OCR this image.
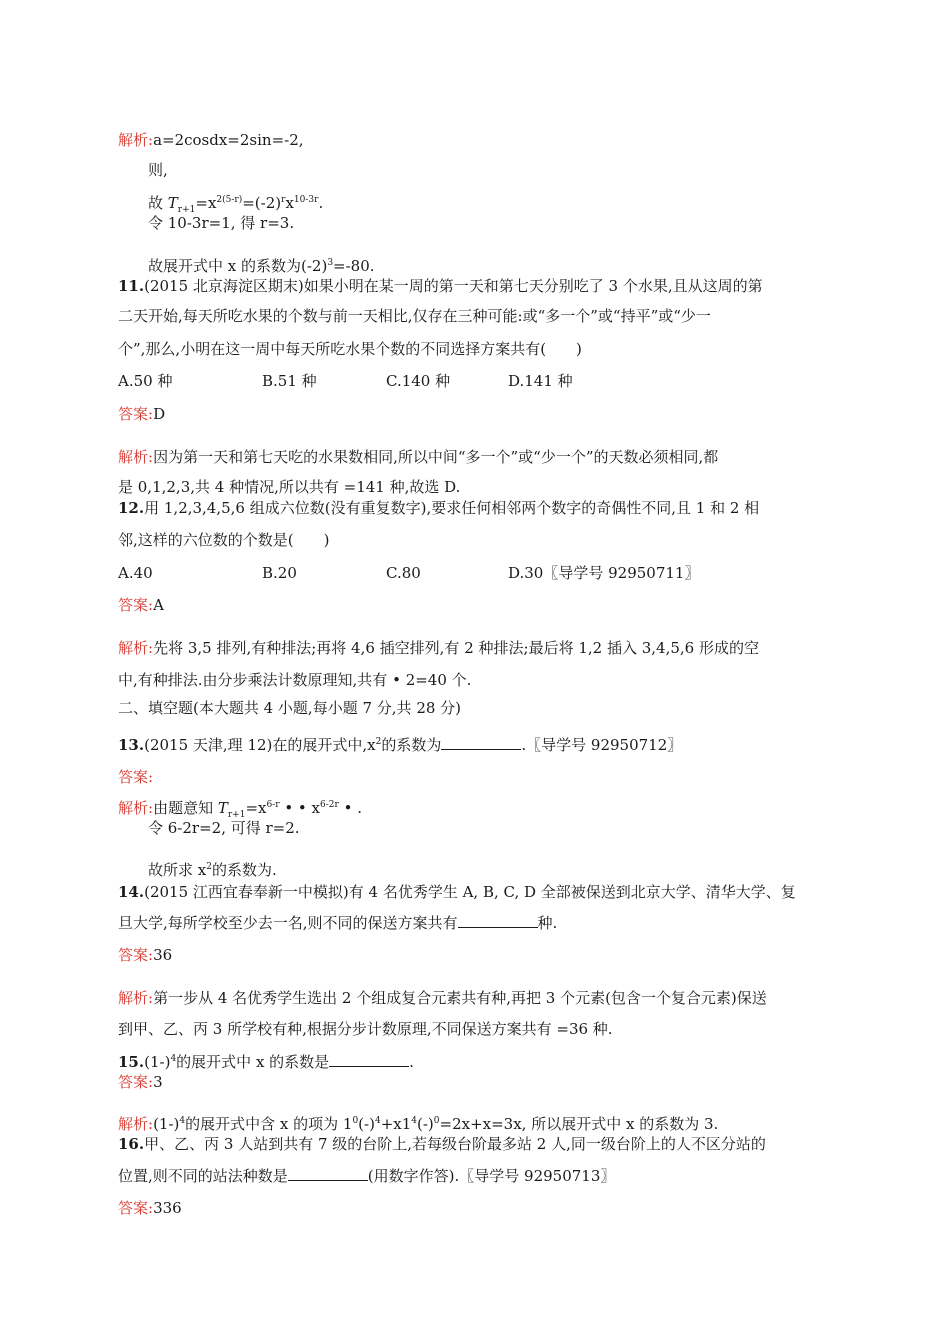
解析:a=2cosdx=2sin=-2,
则,
故 $T_{r+1}=x^{2(5-r)}=(-2)^rx^{10-3r}$.
令 10-3r=1, 得 r=3.
故展开式中 x 的系数为$(-2)^3=-80$.
11.(2015 北京海淀区期末)如果小明在某一周的第一天和第七天分别吃了 3 个水果,且从这周的第
二天开始,每天所吃水果的个数与前一天相比,仅存在三种可能:或“多一个”或“持平”或“少一
个”,那么,小明在这一周中每天所吃水果个数的不同选择方案共有(　　)
A.50 种	B.51 种	C.140 种	D.141 种
答案:D
解析:因为第一天和第七天吃的水果数相同,所以中间“多一个”或“少一个”的天数必须相同,都
是 0,1,2,3,共 4 种情况,所以共有 =141 种,故选 D.
12.用 1,2,3,4,5,6 组成六位数(没有重复数字),要求任何相邻两个数字的奇偶性不同,且 1 和 2 相
邻,这样的六位数的个数是(　　)
A.40	B.20	C.80	D.30〖导学号 92950711〗
答案:A
解析:先将 3,5 排列,有种排法;再将 4,6 插空排列,有 2 种排法;最后将 1,2 插入 3,4,5,6 形成的空
中,有种排法.由分步乘法计数原理知,共有 • 2=40 个.
二、填空题(本大题共 4 小题,每小题 7 分,共 28 分)
13.(2015 天津,理 12)在的展开式中$,x^2$的系数为	.〖导学号 92950712〗
答案:
解析:由题意知 $T_{r+1}=x^{6-r}$ • • $x^{6-2r}$ • .
令 6-2r=2, 可得 r=2.
故所求 $x^2$的系数为.
14.(2015 江西宜春奉新一中模拟)有 4 名优秀学生 A, B, C, D 全部被保送到北京大学、清华大学、复
旦大学,每所学校至少去一名,则不同的保送方案共有	种.
答案:36
解析:第一步从 4 名优秀学生选出 2 个组成复合元素共有种,再把 3 个元素(包含一个复合元素)保送
到甲、乙、丙 3 所学校有种,根据分步计数原理,不同保送方案共有 =36 种.
$15.(1-)^4$的展开式中 x 的系数是	.
答案:3
解析$:(1-)^4$的展开式中含 x 的项为 $1^0(-)^4+x1^4(-)^0=2x+x=3x$, 所以展开式中 x 的系数为 3.
16.甲、乙、丙 3 人站到共有 7 级的台阶上,若每级台阶最多站 2 人,同一级台阶上的人不区分站的
位置,则不同的站法种数是	(用数字作答).〖导学号 92950713〗
答案:336
